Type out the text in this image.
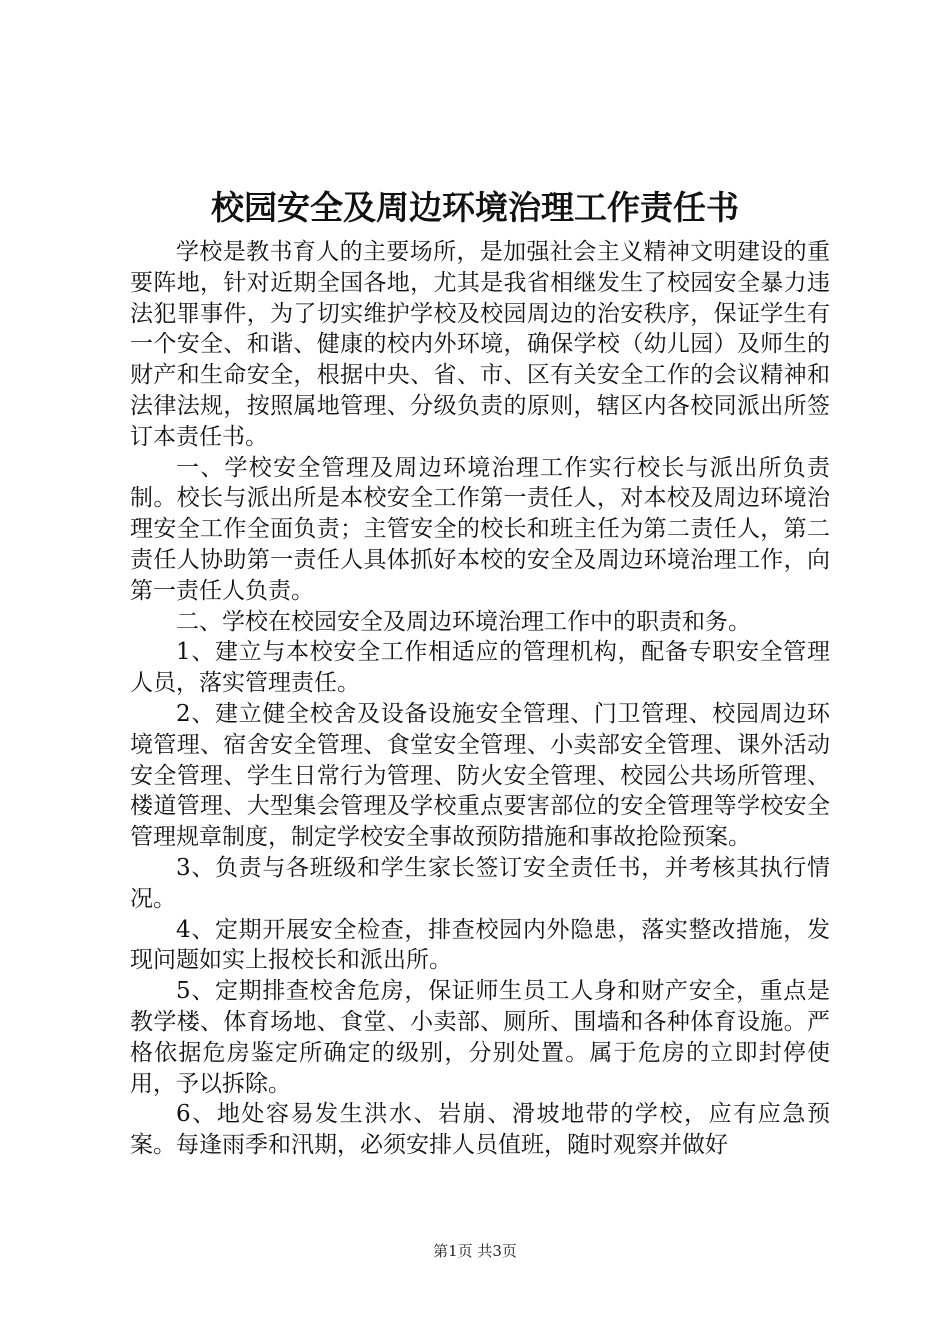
校园安全及周边环境治理工作责任书

学校是教书育人的主要场所，是加强社会主义精神文明建设的重要阵地，针对近期全国各地，尤其是我省相继发生了校园安全暴力违法犯罪事件，为了切实维护学校及校园周边的治安秩序，保证学生有一个安全、和谐、健康的校内外环境，确保学校（幼儿园）及师生的财产和生命安全，根据中央、省、市、区有关安全工作的会议精神和法律法规，按照属地管理、分级负责的原则，辖区内各校同派出所签订本责任书。

一、学校安全管理及周边环境治理工作实行校长与派出所负责制。校长与派出所是本校安全工作第一责任人，对本校及周边环境治理安全工作全面负责；主管安全的校长和班主任为第二责任人，第二责任人协助第一责任人具体抓好本校的安全及周边环境治理工作，向第一责任人负责。

二、学校在校园安全及周边环境治理工作中的职责和务。

1、建立与本校安全工作相适应的管理机构，配备专职安全管理人员，落实管理责任。

2、建立健全校舍及设备设施安全管理、门卫管理、校园周边环境管理、宿舍安全管理、食堂安全管理、小卖部安全管理、课外活动安全管理、学生日常行为管理、防火安全管理、校园公共场所管理、楼道管理、大型集会管理及学校重点要害部位的安全管理等学校安全管理规章制度，制定学校安全事故预防措施和事故抢险预案。

3、负责与各班级和学生家长签订安全责任书，并考核其执行情况。

4、定期开展安全检查，排查校园内外隐患，落实整改措施，发现问题如实上报校长和派出所。

5、定期排查校舍危房，保证师生员工人身和财产安全，重点是教学楼、体育场地、食堂、小卖部、厕所、围墙和各种体育设施。严格依据危房鉴定所确定的级别，分别处置。属于危房的立即封停使用，予以拆除。

6、地处容易发生洪水、岩崩、滑坡地带的学校，应有应急预案。每逢雨季和汛期，必须安排人员值班，随时观察并做好

第1页 共3页
